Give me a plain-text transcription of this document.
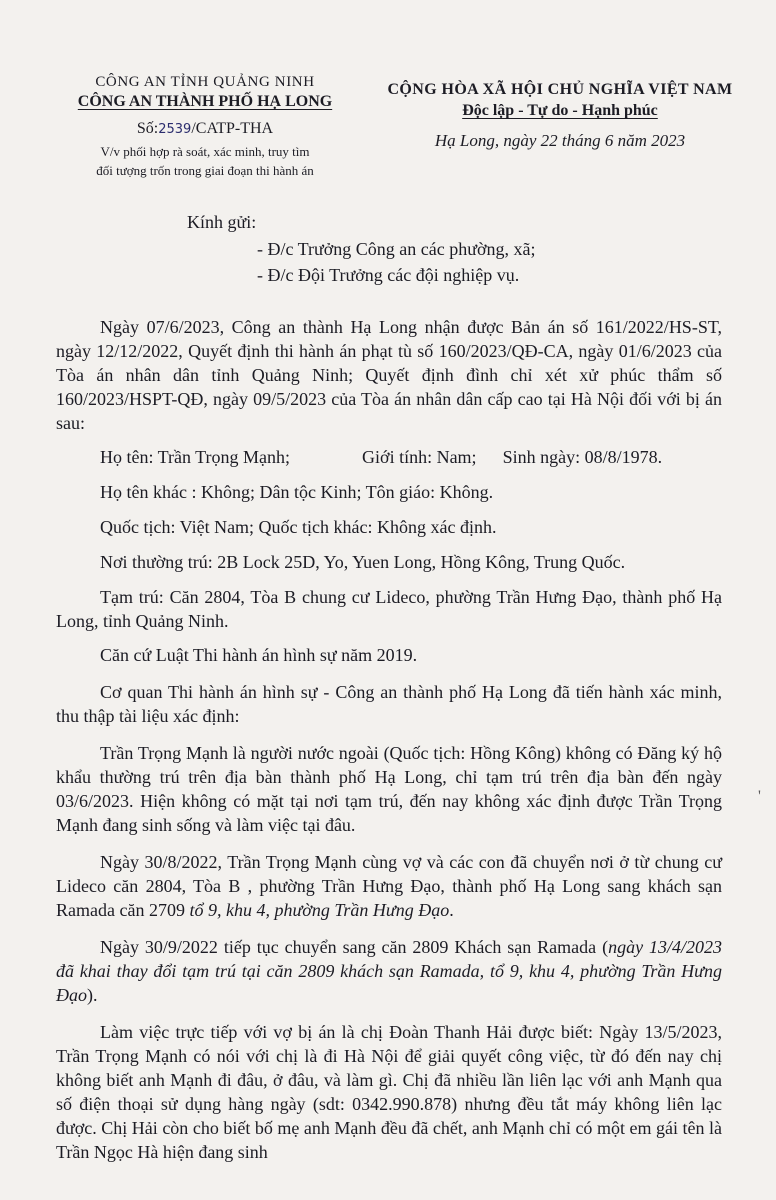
CÔNG AN TỈNH QUẢNG NINH
CÔNG AN THÀNH PHỐ HẠ LONG
Số:2539/CATP-THA
V/v phối hợp rà soát, xác minh, truy tìm
đối tượng trốn trong giai đoạn thi hành án
CỘNG HÒA XÃ HỘI CHỦ NGHĨA VIỆT NAM
Độc lập - Tự do - Hạnh phúc
Hạ Long, ngày 22 tháng 6 năm 2023
Kính gửi:
- Đ/c Trưởng Công an các phường, xã;
- Đ/c Đội Trưởng các đội nghiệp vụ.

Ngày 07/6/2023, Công an thành Hạ Long nhận được Bản án số 161/2022/HS-ST, ngày 12/12/2022, Quyết định thi hành án phạt tù số 160/2023/QĐ-CA, ngày 01/6/2023 của Tòa án nhân dân tỉnh Quảng Ninh; Quyết định đình chỉ xét xử phúc thẩm số 160/2023/HSPT-QĐ, ngày 09/5/2023 của Tòa án nhân dân cấp cao tại Hà Nội đối với bị án sau:

Họ tên: Trần Trọng Mạnh;	Giới tính: Nam; Sinh ngày: 08/8/1978.

Họ tên khác : Không; Dân tộc Kinh; Tôn giáo: Không.

Quốc tịch: Việt Nam; Quốc tịch khác: Không xác định.

Nơi thường trú: 2B Lock 25D, Yo, Yuen Long, Hồng Kông, Trung Quốc.

Tạm trú: Căn 2804, Tòa B chung cư Lideco, phường Trần Hưng Đạo, thành phố Hạ Long, tỉnh Quảng Ninh.

Căn cứ Luật Thi hành án hình sự năm 2019.

Cơ quan Thi hành án hình sự - Công an thành phố Hạ Long đã tiến hành xác minh, thu thập tài liệu xác định:

Trần Trọng Mạnh là người nước ngoài (Quốc tịch: Hồng Kông) không có Đăng ký hộ khẩu thường trú trên địa bàn thành phố Hạ Long, chỉ tạm trú trên địa bàn đến ngày 03/6/2023. Hiện không có mặt tại nơi tạm trú, đến nay không xác định được Trần Trọng Mạnh đang sinh sống và làm việc tại đâu.

Ngày 30/8/2022, Trần Trọng Mạnh cùng vợ và các con đã chuyển nơi ở từ chung cư Lideco căn 2804, Tòa B , phường Trần Hưng Đạo, thành phố Hạ Long sang khách sạn Ramada căn 2709 tổ 9, khu 4, phường Trần Hưng Đạo.

Ngày 30/9/2022 tiếp tục chuyển sang căn 2809 Khách sạn Ramada (ngày 13/4/2023 đã khai thay đổi tạm trú tại căn 2809 khách sạn Ramada, tổ 9, khu 4, phường Trần Hưng Đạo).

Làm việc trực tiếp với vợ bị án là chị Đoàn Thanh Hải được biết: Ngày 13/5/2023, Trần Trọng Mạnh có nói với chị là đi Hà Nội để giải quyết công việc, từ đó đến nay chị không biết anh Mạnh đi đâu, ở đâu, và làm gì. Chị đã nhiều lần liên lạc với anh Mạnh qua số điện thoại sử dụng hàng ngày (sdt: 0342.990.878) nhưng đều tắt máy không liên lạc được. Chị Hải còn cho biết bố mẹ anh Mạnh đều đã chết, anh Mạnh chỉ có một em gái tên là Trần Ngọc Hà hiện đang sinh

'
